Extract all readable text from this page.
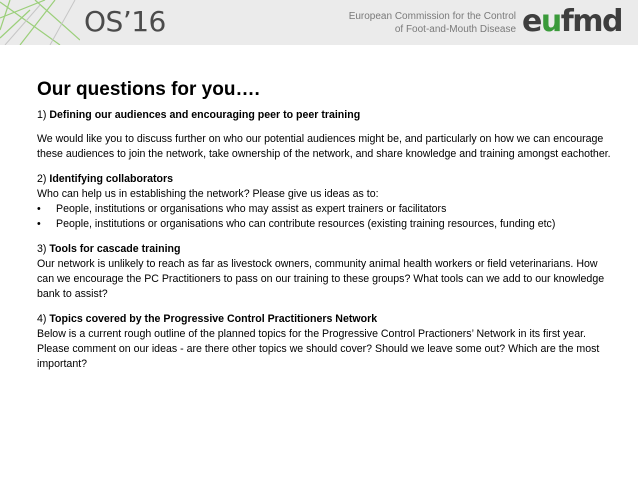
OS’16	European Commission for the Control
of Foot-and-Mouth Disease eufmd
Our questions for you….

1) Defining our audiences and encouraging peer to peer training

We would like you to discuss further on who our potential audiences might be, and particularly on how we can encourage these audiences to join the network, take ownership of the network, and share knowledge and training amongst eachother.

2) Identifying collaborators

Who can help us in establishing the network? Please give us ideas as to:

• People, institutions or organisations who may assist as expert trainers or facilitators
• People, institutions or organisations who can contribute resources (existing training resources, funding etc)

3) Tools for cascade training

Our network is unlikely to reach as far as livestock owners, community animal health workers or field veterinarians. How can we encourage the PC Practitioners to pass on our training to these groups? What tools can we add to our knowledge bank to assist?

4) Topics covered by the Progressive Control Practitioners Network

Below is a current rough outline of the planned topics for the Progressive Control Practioners’ Network in its first year. Please comment on our ideas - are there other topics we should cover? Should we leave some out? Which are the most important?
